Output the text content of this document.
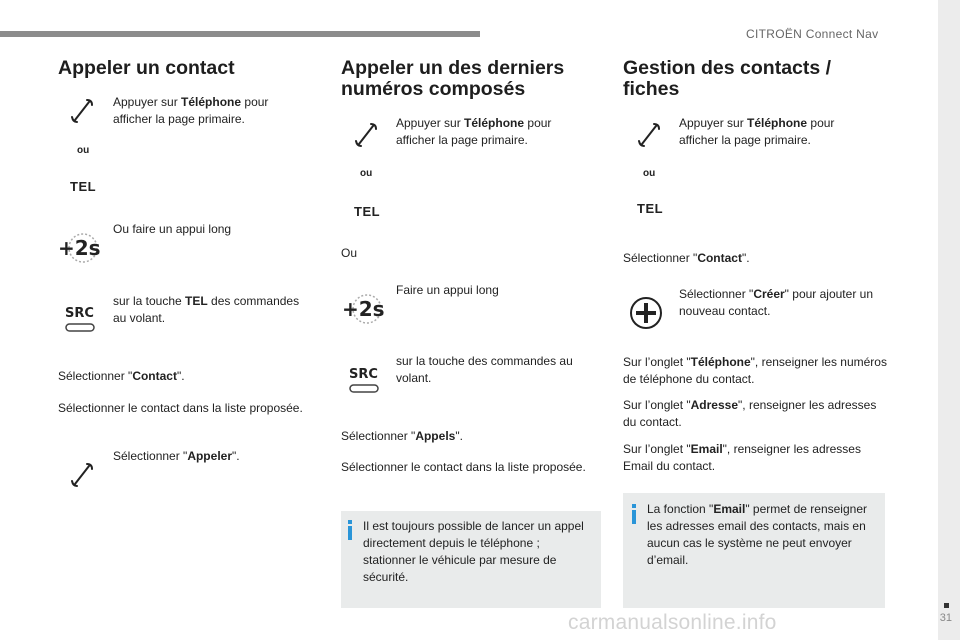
CITROËN Connect Nav
31
carmanualsonline.info
Appeler un contact
Appuyer sur Téléphone pour afficher la page primaire.
ou
TEL
+2s
Ou faire un appui long
SRC
sur la touche TEL des commandes au volant.
Sélectionner "Contact".
Sélectionner le contact dans la liste proposée.
Sélectionner "Appeler".
Appeler un des derniers numéros composés
Appuyer sur Téléphone pour afficher la page primaire.
ou
TEL
Ou
+2s
Faire un appui long
SRC
sur la touche des commandes au volant.
Sélectionner "Appels".
Sélectionner le contact dans la liste proposée.
Il est toujours possible de lancer un appel directement depuis le téléphone ; stationner le véhicule par mesure de sécurité.
Gestion des contacts / fiches
Appuyer sur Téléphone pour afficher la page primaire.
ou
TEL
Sélectionner "Contact".
Sélectionner "Créer" pour ajouter un nouveau contact.
Sur l’onglet "Téléphone", renseigner les numéros de téléphone du contact.
Sur l’onglet "Adresse", renseigner les adresses du contact.
Sur l’onglet "Email", renseigner les adresses Email du contact.
La fonction "Email" permet de renseigner les adresses email des contacts, mais en aucun cas le système ne peut envoyer d’email.
